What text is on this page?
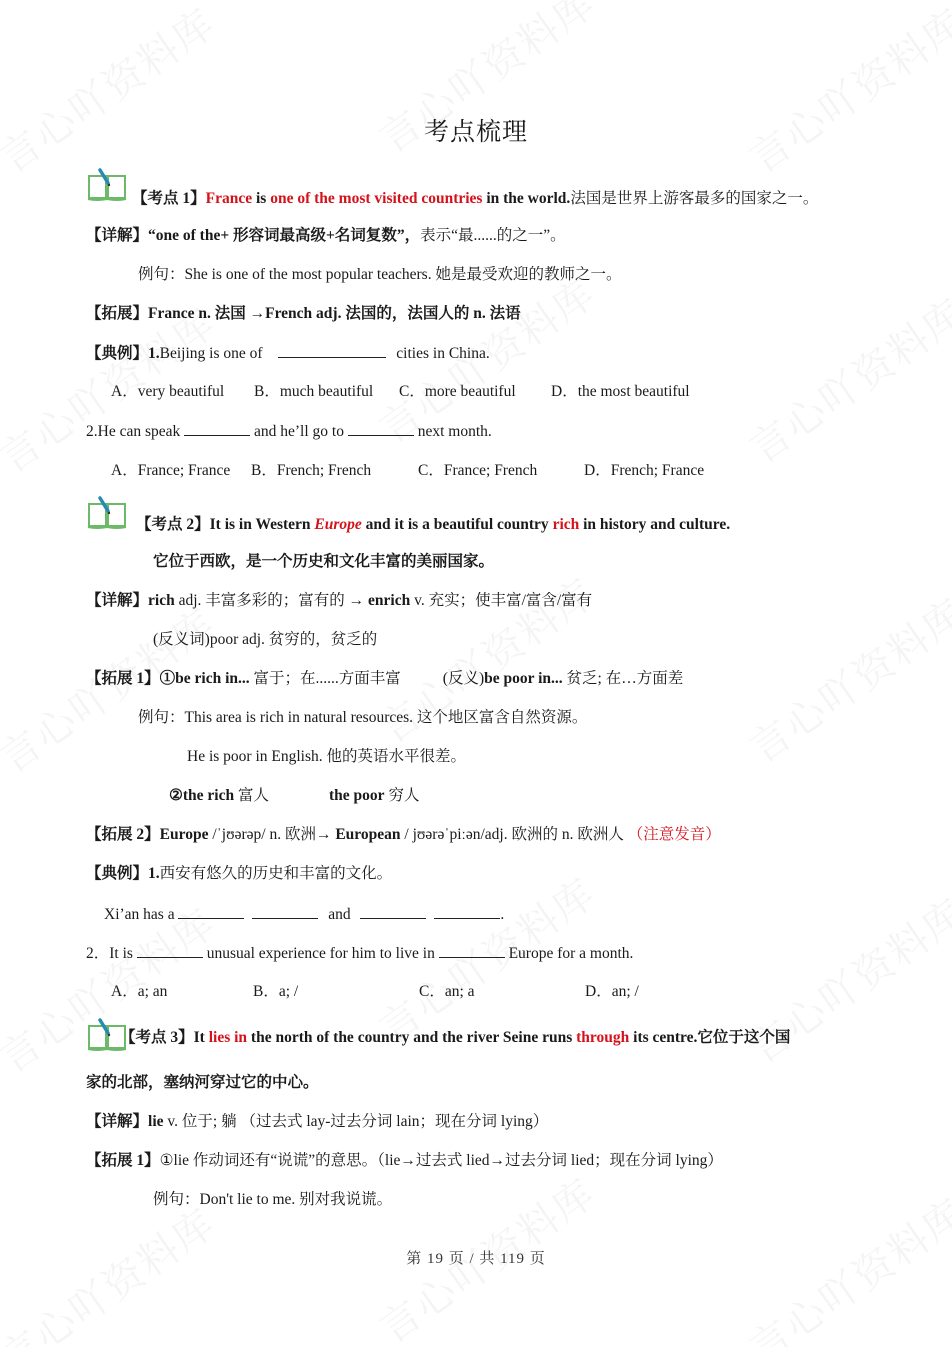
考点梳理
【考点 1】France is one of the most visited countries in the world.法国是世界上游客最多的国家之一。
【详解】“one of the+ 形容词最高级+名词复数”，表示“最......的之一”。
例句：She is one of the most popular teachers. 她是最受欢迎的教师之一。
【拓展】France n. 法国 →French adj. 法国的，法国人的 n. 法语
【典例】1.Beijing is one of	cities in China.
A．very beautiful B．much beautiful C．more beautiful D．the most beautiful
2.He can speak	and he’ll go to	next month.
A．France; France B．French; French	C．France; French	D．French; France
【考点 2】It is in Western Europe and it is a beautiful country rich in history and culture.
它位于西欧，是一个历史和文化丰富的美丽国家。
【详解】rich adj. 丰富多彩的；富有的 → enrich v. 充实；使丰富/富含/富有
(反义词)poor adj. 贫穷的，贫乏的
【拓展 1】①be rich in... 富于；在......方面丰富	(反义)be poor in... 贫乏; 在…方面差
例句：This area is rich in natural resources. 这个地区富含自然资源。
He is poor in English. 他的英语水平很差。
②the rich 富人	the poor 穷人
【拓展 2】Europe /ˈjʊərəp/ n. 欧洲→ European / jʊərəˈpiːən/adj. 欧洲的 n. 欧洲人 （注意发音）
【典例】1.西安有悠久的历史和丰富的文化。
Xi’an has a	and	.
2．It is	unusual experience for him to live in	Europe for a month.
A．a; an	B．a; /	C．an; a	D．an; /
【考点 3】It lies in the north of the country and the river Seine runs through its centre.它位于这个国
家的北部，塞纳河穿过它的中心。
【详解】lie v. 位于; 躺 （过去式 lay-过去分词 lain；现在分词 lying）
【拓展 1】①lie 作动词还有“说谎”的意思。（lie→过去式 lied→过去分词 lied；现在分词 lying）
例句：Don't lie to me. 别对我说谎。
第 19 页 / 共 119 页
